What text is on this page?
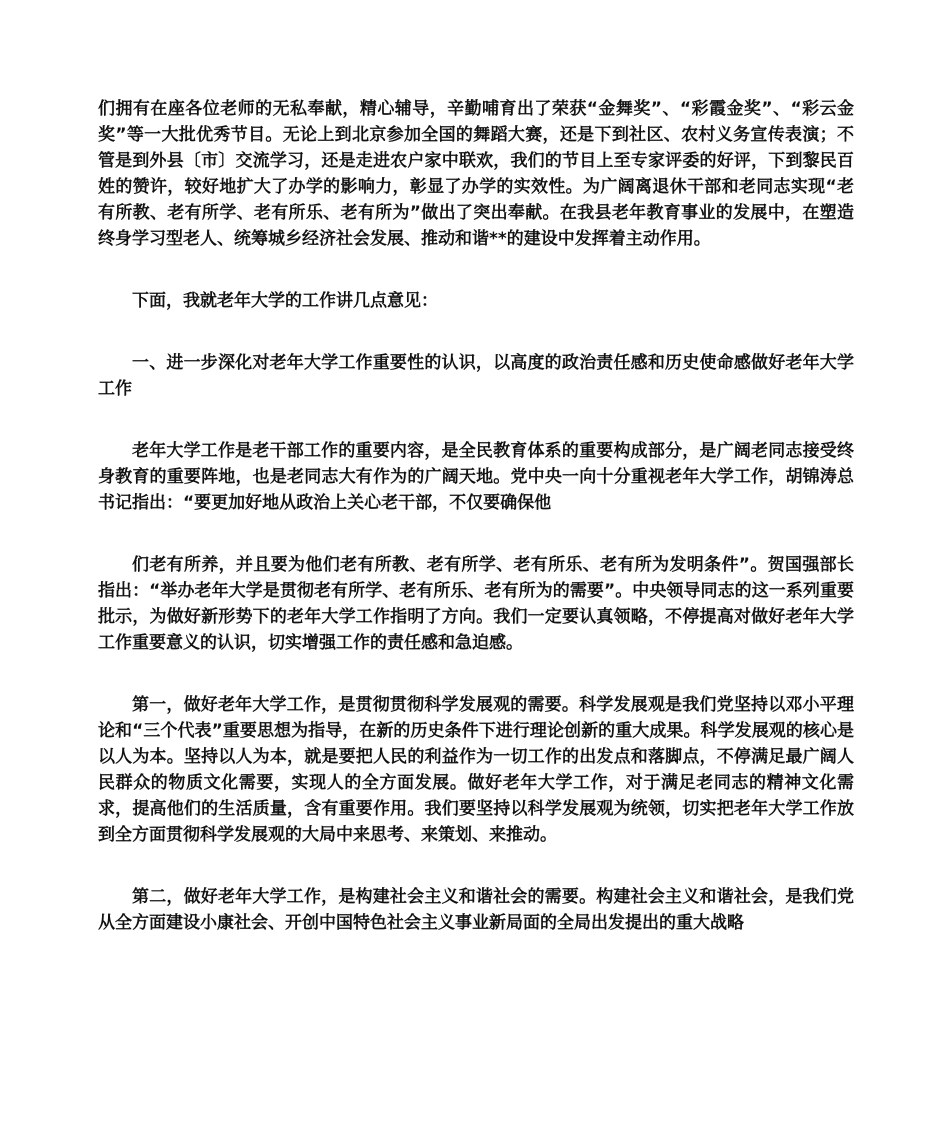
们拥有在座各位老师的无私奉献，精心辅导，辛勤哺育出了荣获“金舞奖”、“彩霞金奖”、“彩云金奖”等一大批优秀节目。无论上到北京参加全国的舞蹈大赛，还是下到社区、农村义务宣传表演；不管是到外县〔市〕交流学习，还是走进农户家中联欢，我们的节目上至专家评委的好评，下到黎民百姓的赞许，较好地扩大了办学的影响力，彰显了办学的实效性。为广阔离退休干部和老同志实现“老有所教、老有所学、老有所乐、老有所为”做出了突出奉献。在我县老年教育事业的发展中，在塑造终身学习型老人、统筹城乡经济社会发展、推动和谐**的建设中发挥着主动作用。

下面，我就老年大学的工作讲几点意见：

一、进一步深化对老年大学工作重要性的认识，以高度的政治责任感和历史使命感做好老年大学工作

老年大学工作是老干部工作的重要内容，是全民教育体系的重要构成部分，是广阔老同志接受终身教育的重要阵地，也是老同志大有作为的广阔天地。党中央一向十分重视老年大学工作，胡锦涛总书记指出：“要更加好地从政治上关心老干部，不仅要确保他

们老有所养，并且要为他们老有所教、老有所学、老有所乐、老有所为发明条件”。贺国强部长指出：“举办老年大学是贯彻老有所学、老有所乐、老有所为的需要”。中央领导同志的这一系列重要批示，为做好新形势下的老年大学工作指明了方向。我们一定要认真领略，不停提高对做好老年大学工作重要意义的认识，切实增强工作的责任感和急迫感。

第一，做好老年大学工作，是贯彻贯彻科学发展观的需要。科学发展观是我们党坚持以邓小平理论和“三个代表”重要思想为指导，在新的历史条件下进行理论创新的重大成果。科学发展观的核心是以人为本。坚持以人为本，就是要把人民的利益作为一切工作的出发点和落脚点，不停满足最广阔人民群众的物质文化需要，实现人的全方面发展。做好老年大学工作，对于满足老同志的精神文化需求，提高他们的生活质量，含有重要作用。我们要坚持以科学发展观为统领，切实把老年大学工作放到全方面贯彻科学发展观的大局中来思考、来策划、来推动。

第二，做好老年大学工作，是构建社会主义和谐社会的需要。构建社会主义和谐社会，是我们党从全方面建设小康社会、开创中国特色社会主义事业新局面的全局出发提出的重大战略
